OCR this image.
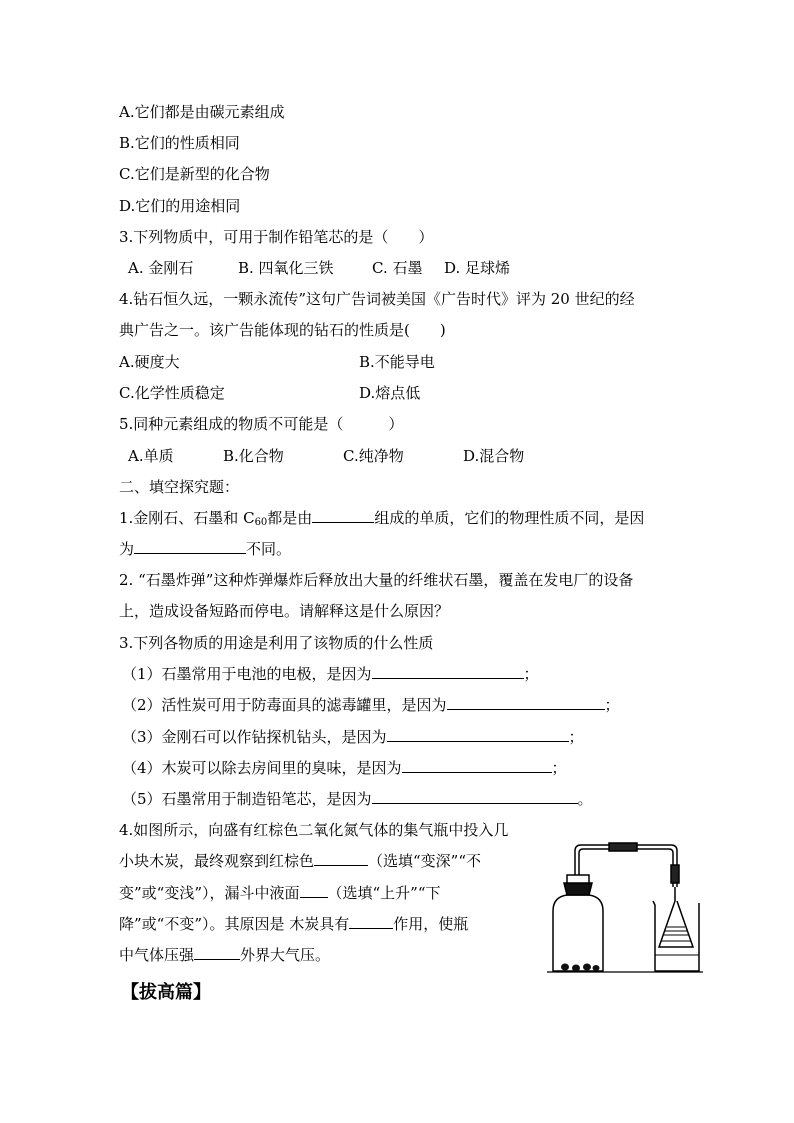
A.它们都是由碳元素组成
B.它们的性质相同
C.它们是新型的化合物
D.它们的用途相同
3.下列物质中，可用于制作铅笔芯的是（　　）
A. 金刚石	B. 四氧化三铁	C. 石墨 D. 足球烯
4.钻石恒久远，一颗永流传”这句广告词被美国《广告时代》评为 20 世纪的经
典广告之一。该广告能体现的钻石的性质是(　　)
A.硬度大	B.不能导电
C.化学性质稳定	D.熔点低
5.同种元素组成的物质不可能是（　　　）
A.单质	B.化合物	C.纯净物	D.混合物
二、填空探究题：
1.金刚石、石墨和 $C_{60}$都是由	组成的单质，它们的物理性质不同，是因
为	不同。
2. “石墨炸弹”这种炸弹爆炸后释放出大量的纤维状石墨，覆盖在发电厂的设备
上，造成设备短路而停电。请解释这是什么原因？
3.下列各物质的用途是利用了该物质的什么性质
（1）石墨常用于电池的电极，是因为	；
（2）活性炭可用于防毒面具的滤毒罐里，是因为	；
（3）金刚石可以作钻探机钻头，是因为	；
（4）木炭可以除去房间里的臭味，是因为	；
（5）石墨常用于制造铅笔芯，是因为	。
4.如图所示，向盛有红棕色二氧化氮气体的集气瓶中投入几
小块木炭，最终观察到红棕色	（选填“变深”“不
变”或“变浅”），漏斗中液面 （选填“上升”“下
降”或“不变”）。其原因是 木炭具有	作用，使瓶
中气体压强	外界大气压。
【拔高篇】
